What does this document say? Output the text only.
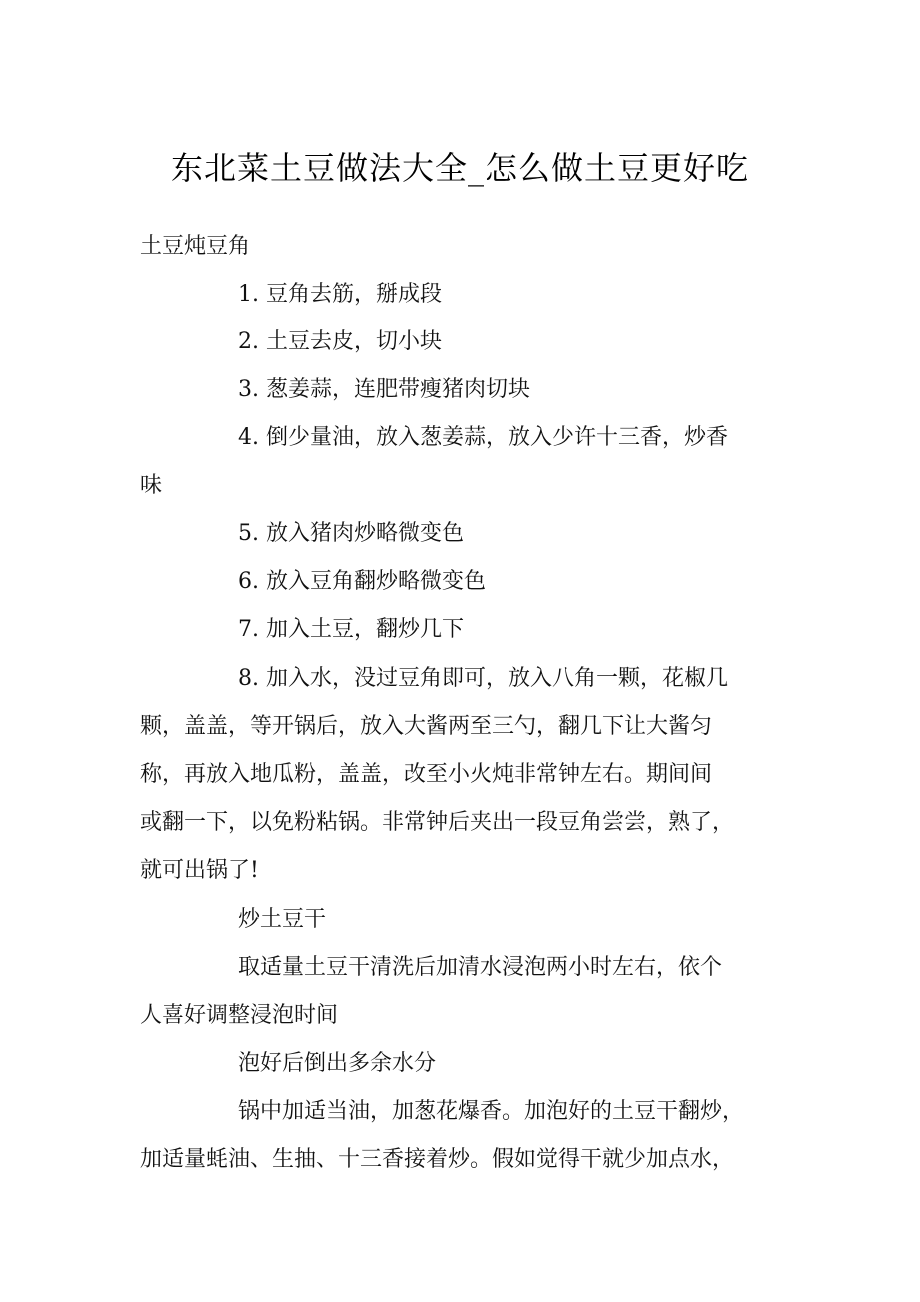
东北菜土豆做法大全_怎么做土豆更好吃
土豆炖豆角
1. 豆角去筋，掰成段
2. 土豆去皮，切小块
3. 葱姜蒜，连肥带瘦猪肉切块
4. 倒少量油，放入葱姜蒜，放入少许十三香，炒香
味
5. 放入猪肉炒略微变色
6. 放入豆角翻炒略微变色
7. 加入土豆，翻炒几下
8. 加入水，没过豆角即可，放入八角一颗，花椒几
颗，盖盖，等开锅后，放入大酱两至三勺，翻几下让大酱匀
称，再放入地瓜粉，盖盖，改至小火炖非常钟左右。期间间
或翻一下，以免粉粘锅。非常钟后夹出一段豆角尝尝，熟了，
就可出锅了!
炒土豆干
取适量土豆干清洗后加清水浸泡两小时左右，依个
人喜好调整浸泡时间
泡好后倒出多余水分
锅中加适当油，加葱花爆香。加泡好的土豆干翻炒，
加适量蚝油、生抽、十三香接着炒。假如觉得干就少加点水，
